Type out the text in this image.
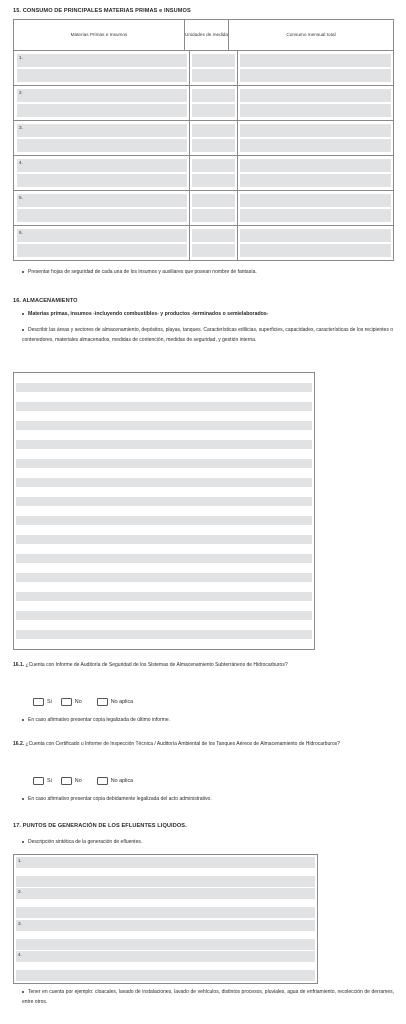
15. CONSUMO DE PRINCIPALES MATERIAS PRIMAS e INSUMOS
Materias Primas e Insumos	Unidades de medida	Consumo mensual total
1.
2.
3.
4.
5.
6.
Presentar hojas de seguridad de cada una de los insumos y auxiliares que posean nombre de fantasía.
16. ALMACENAMIENTO
Materias primas, insumos -incluyendo combustibles- y productos -terminados o semielaborados-
Describir las áreas y sectores de almacenamiento, depósitos, playas, tanques. Características edilicias, superficies, capacidades, características de los recipientes o contenedores, materiales almacenados, medidas de contención, medidas de seguridad, y gestión interna.
16.1. ¿Cuenta con Informe de Auditoría de Seguridad de los Sistemas de Almacenamiento Subterráneos de Hidrocarburos?
Si	No	No aplica
En caso afirmativo presentar copia legalizada de último informe.
16.2. ¿Cuenta con Certificado u Informe de Inspección Técnica / Auditoría Ambiental de los Tanques Aéreos de Almacenamiento de Hidrocarburos?
Si	No	No aplica
En caso afirmativo presentar copia debidamente legalizada del acto administrativo.
17. PUNTOS DE GENERACIÓN DE LOS EFLUENTES LIQUIDOS.
Descripción sintética de la generación de efluentes.
1.
2.
3.
4.
Tener en cuenta por ejemplo: cloacales, lavado de instalaciones, lavado de vehículos, distintos procesos, pluviales, agua de enfriamiento, recolección de derrames, entre otros.
